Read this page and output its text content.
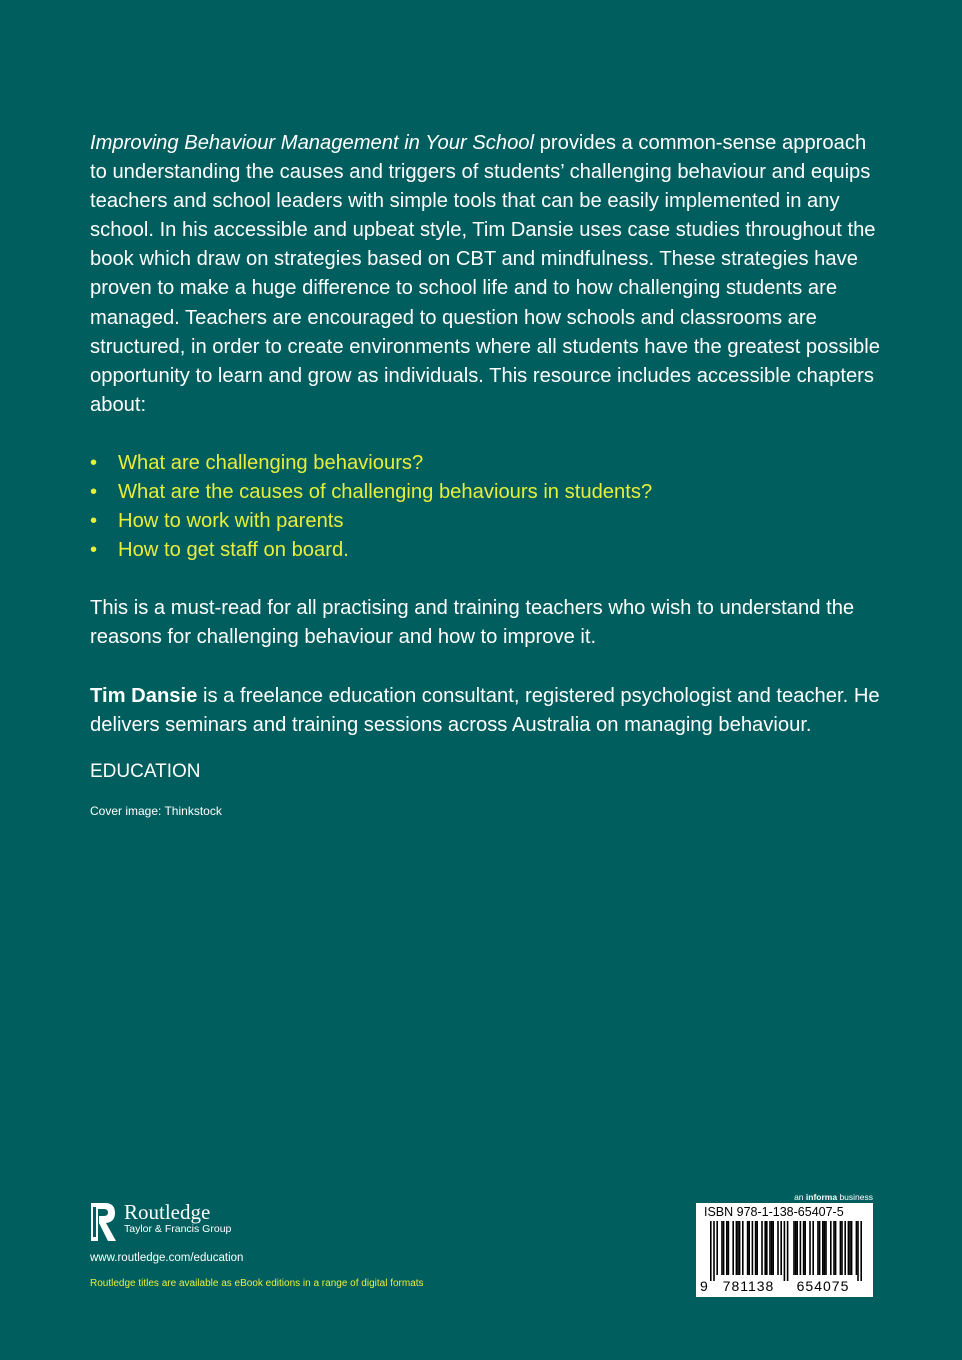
Improving Behaviour Management in Your School provides a common-sense approach to understanding the causes and triggers of students’ challenging behaviour and equips teachers and school leaders with simple tools that can be easily implemented in any school. In his accessible and upbeat style, Tim Dansie uses case studies throughout the book which draw on strategies based on CBT and mindfulness. These strategies have proven to make a huge difference to school life and to how challenging students are managed. Teachers are encouraged to question how schools and classrooms are structured, in order to create environments where all students have the greatest possible opportunity to learn and grow as individuals. This resource includes accessible chapters about:

• What are challenging behaviours?
• What are the causes of challenging behaviours in students?
• How to work with parents
• How to get staff on board.

This is a must-read for all practising and training teachers who wish to understand the reasons for challenging behaviour and how to improve it.

Tim Dansie is a freelance education consultant, registered psychologist and teacher. He delivers seminars and training sessions across Australia on managing behaviour.

EDUCATION

Cover image: Thinkstock

Routledge
Taylor & Francis Group
www.routledge.com/education
Routledge titles are available as eBook editions in a range of digital formats
an informa business
ISBN 978-1-138-65407-5
9	781138	654075
